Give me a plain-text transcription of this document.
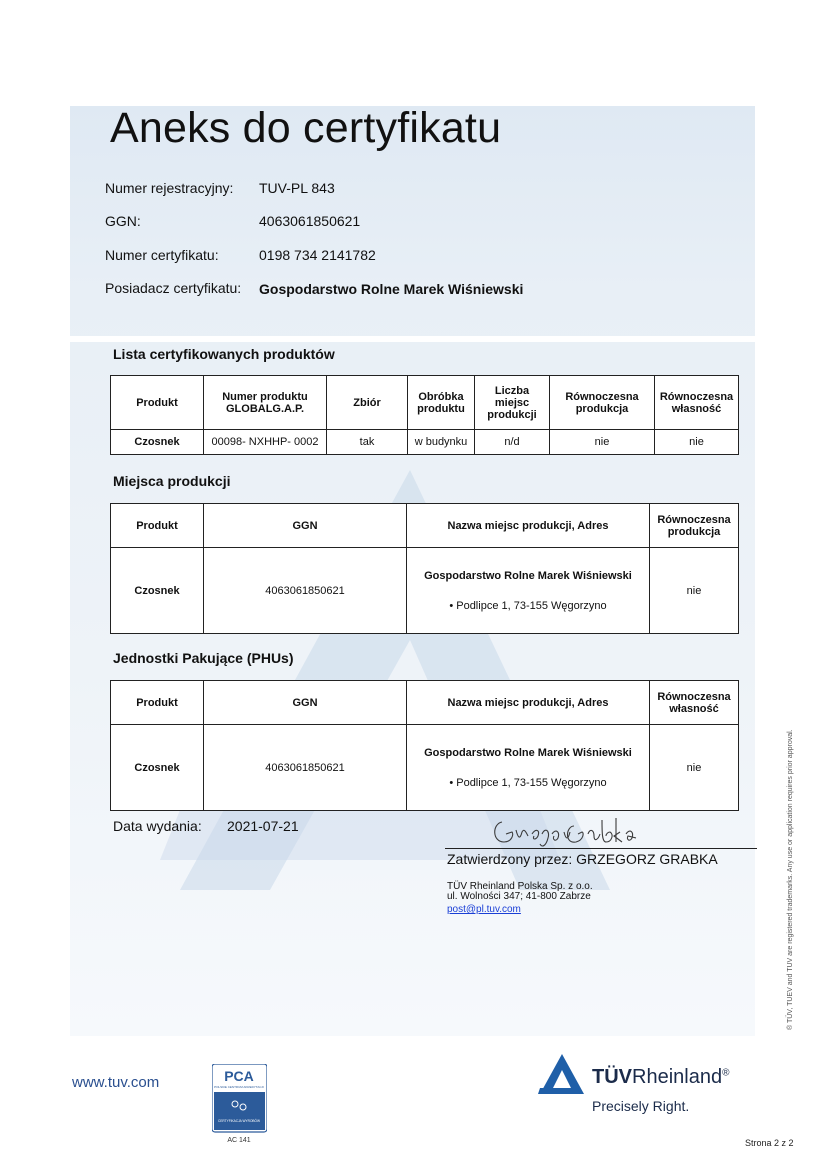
Aneks do certyfikatu
Numer rejestracyjny: TUV-PL 843
GGN:	4063061850621
Numer certyfikatu:	0198 734 2141782
Posiadacz certyfikatu: Gospodarstwo Rolne Marek Wiśniewski
Lista certyfikowanych produktów
Produkt	Numer produktu GLOBALG.A.P.	Zbiór	Obróbka produktu	Liczba miejsc produkcji	Równoczesna produkcja	Równoczesna własność
Czosnek	00098- NXHHP- 0002	tak	w budynku	n/d	nie	nie
Miejsca produkcji
Produkt	GGN	Nazwa miejsc produkcji, Adres	Równoczesna produkcja
Czosnek	4063061850621	Gospodarstwo Rolne Marek Wiśniewski
• Podlipce 1, 73-155 Węgorzyno	nie
Jednostki Pakujące (PHUs)
Produkt	GGN	Nazwa miejsc produkcji, Adres	Równoczesna własność
Czosnek	4063061850621	Gospodarstwo Rolne Marek Wiśniewski
• Podlipce 1, 73-155 Węgorzyno	nie
Data wydania: 2021-07-21
Zatwierdzony przez: GRZEGORZ GRABKA
TÜV Rheinland Polska Sp. z o.o.
ul. Wolności 347; 41-800 Zabrze
post@pl.tuv.com	® TÜV, TUEV and TUV are registered trademarks. Any use or application requires prior approval.
www.tuv.com	PCA
POLSKIE CENTRUM AKREDYTACJI
CERTYFIKACJA WYROBÓW
AC 141
TÜVRheinland®
Precisely Right.
Strona 2 z 2
